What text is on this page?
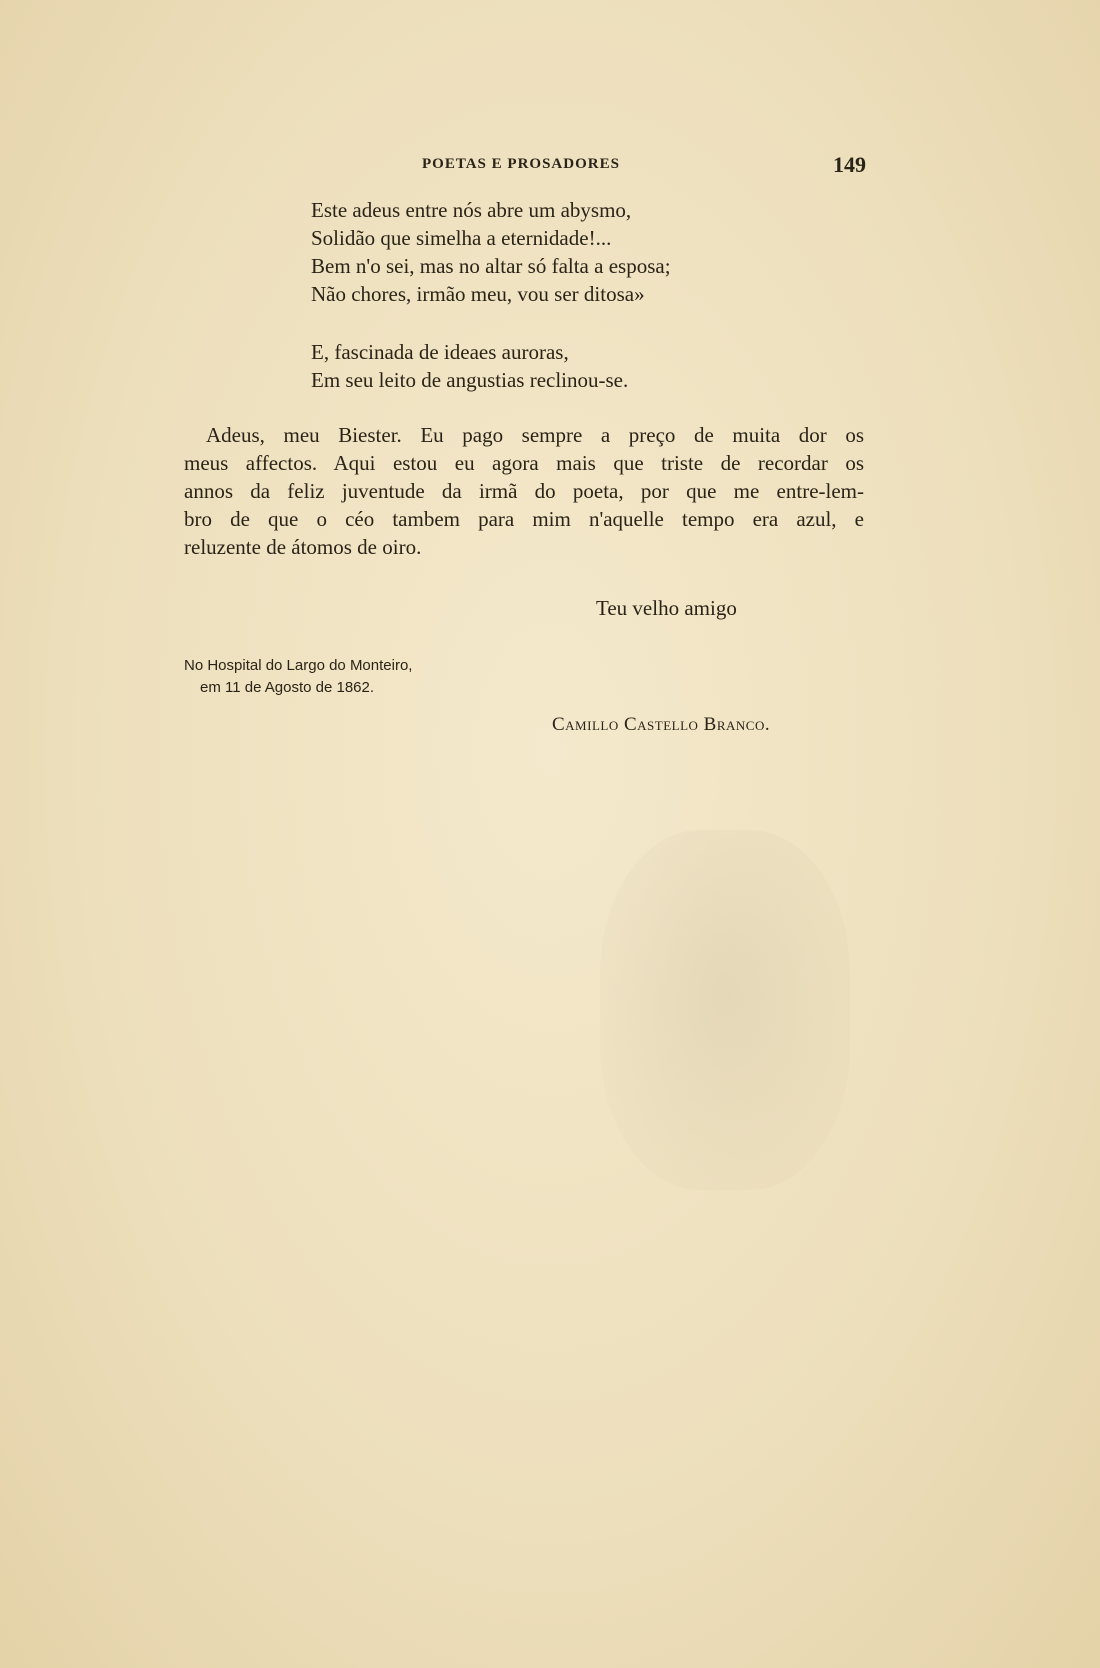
POETAS E PROSADORES	149
Este adeus entre nós abre um abysmo,
Solidão que simelha a eternidade!...
Bem n'o sei, mas no altar só falta a esposa;
Não chores, irmão meu, vou ser ditosa»
E, fascinada de ideaes auroras,
Em seu leito de angustias reclinou-se.
Adeus, meu Biester. Eu pago sempre a preço de muita dor os
meus affectos. Aqui estou eu agora mais que triste de recordar os
annos da feliz juventude da irmã do poeta, por que me entre-lem-
bro de que o céo tambem para mim n'aquelle tempo era azul, e
reluzente de átomos de oiro.
Teu velho amigo
No Hospital do Largo do Monteiro,
em 11 de Agosto de 1862.
Camillo Castello Branco.
